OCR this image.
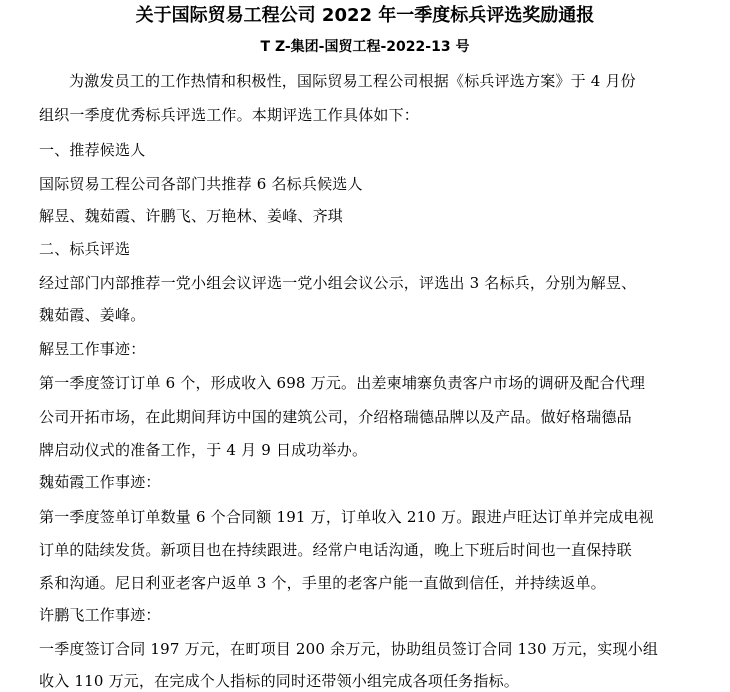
关于国际贸易工程公司 2022 年一季度标兵评选奖励通报
T Z-集团-国贸工程-2022-13 号
为激发员工的工作热情和积极性，国际贸易工程公司根据《标兵评选方案》于 4 月份
组织一季度优秀标兵评选工作。本期评选工作具体如下：
一、推荐候选人
国际贸易工程公司各部门共推荐 6 名标兵候选人
解昱、魏茹霞、许鹏飞、万艳林、姜峰、齐琪
二、标兵评选
经过部门内部推荐一党小组会议评选一党小组会议公示，评选出 3 名标兵，分别为解昱、
魏茹霞、姜峰。
解昱工作事迹：
第一季度签订订单 6 个，形成收入 698 万元。出差柬埔寨负责客户市场的调研及配合代理
公司开拓市场，在此期间拜访中国的建筑公司，介绍格瑞德品牌以及产品。做好格瑞德品
牌启动仪式的准备工作，于 4 月 9 日成功举办。
魏茹霞工作事迹：
第一季度签单订单数量 6 个合同额 191 万，订单收入 210 万。跟进卢旺达订单并完成电视
订单的陆续发货。新项目也在持续跟进。经常户电话沟通，晚上下班后时间也一直保持联
系和沟通。尼日利亚老客户返单 3 个，手里的老客户能一直做到信任，并持续返单。
许鹏飞工作事迹：
一季度签订合同 197 万元，在町项目 200 余万元，协助组员签订合同 130 万元，实现小组
收入 110 万元，在完成个人指标的同时还带领小组完成各项任务指标。
